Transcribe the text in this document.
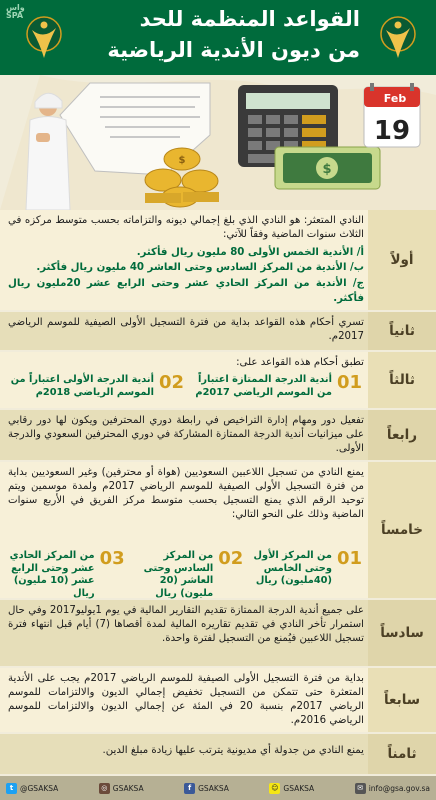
واس
SPA	القواعد المنظمة للحد
من ديون الأندية الرياضية
$
Feb
19
$
أولاً

النادي المتعثر: هو النادي الذي بلغ إجمالي ديونه والتزاماته بحسب متوسط مركزه في الثلاث سنوات الماضية وفقاً للآتي:

أ/ الأندية الخمس الأولى 80 مليون ريال فأكثر.
ب/ الأندية من المركز السادس وحتى العاشر 40 مليون ريال فأكثر.
ج/ الأندية من المركز الحادي عشر وحتى الرابع عشر 20مليون ريال فأكثر.
ثانياً

تسري أحكام هذه القواعد بداية من فترة التسجيل الأولى الصيفية للموسم الرياضي 2017م.

ثالثاً

تطبق أحكام هذه القواعد على:

01
أندية الدرجة الممتازة اعتباراً من الموسم الرياضي 2017م
02
أندية الدرجة الأولى اعتباراً من الموسم الرياضي 2018م
رابعاً

تفعيل دور ومهام إدارة التراخيص في رابطة دوري المحترفين ويكون لها دور رقابي على ميزانيات أندية الدرجة الممتازة المشاركة في دوري المحترفين السعودي والدرجة الأولى.

خامساً

يمنع النادي من تسجيل اللاعبين السعوديين (هواة أو محترفين) وغير السعوديين بداية من فترة التسجيل الأولى الصيفية للموسم الرياضي 2017م ولمدة موسمين ويتم توحيد الرقم الذي يمنع التسجيل بحسب متوسط مركز الفريق في الأربع سنوات الماضية وذلك على النحو التالي:

01
من المركز الأول وحتى الخامس (40مليون) ريال
02
من المركز السادس وحتى العاشر (20 مليون) ريال
03
من المركز الحادي عشر وحتى الرابع عشر (10 مليون) ريال
سادساً

على جميع أندية الدرجة الممتازة تقديم التقارير المالية في يوم 1يوليو2017 وفي حال استمرار تأخر النادي في تقديم تقاريره المالية لمدة أقصاها (7) أيام قبل انتهاء فترة تسجيل اللاعبين فيُمنع من التسجيل لفترة واحدة.

سابعاً

بداية من فترة التسجيل الأولى الصيفية للموسم الرياضي 2017م يجب على الأندية المتعثرة حتى تتمكن من التسجيل تخفيض إجمالي الديون والالتزامات للموسم الرياضي 2017م بنسبة 20 في المئة عن إجمالي الديون والالتزامات للموسم الرياضي 2016م.

ثامناً

يمنع النادي من جدولة أي مديونية يترتب عليها زيادة مبلغ الدين.

t @GSAKSA	◎ GSAKSA	f GSAKSA	☺ GSAKSA	✉ info@gsa.gov.sa
